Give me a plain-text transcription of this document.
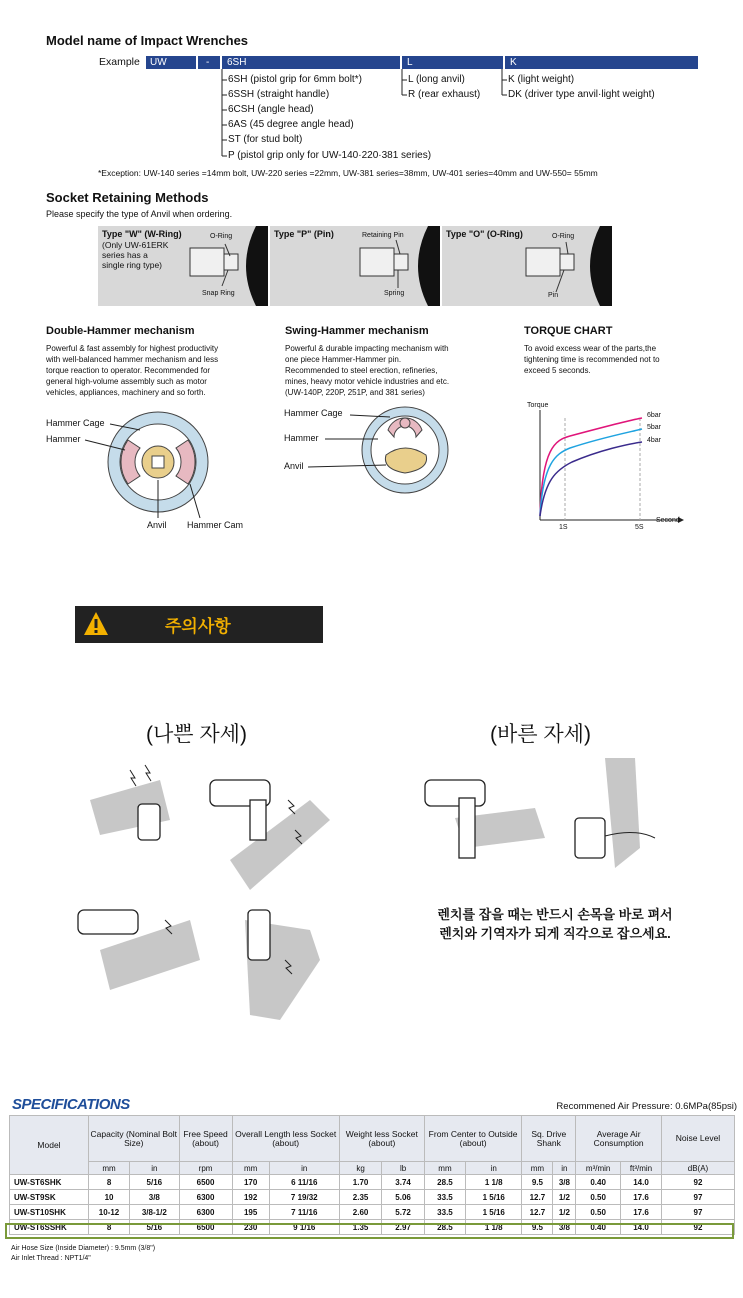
Model name of Impact Wrenches
Example	UW	-	6SH	L	K
6SH (pistol grip for 6mm bolt*)
6SSH (straight handle)
6CSH (angle head)
6AS (45 degree angle head)
ST (for stud bolt)
P (pistol grip only for UW-140·220·381 series)
L (long anvil)
R (rear exhaust)
K (light weight)
DK (driver type anvil·light weight)
*Exception: UW-140 series =14mm bolt, UW-220 series =22mm, UW-381 series=38mm, UW-401 series=40mm and UW-550= 55mm
Socket Retaining Methods
Please specify the type of Anvil when ordering.
Type "W" (W-Ring)
(Only UW-61ERK
series has a
single ring type)
O-Ring
Snap Ring
Type "P" (Pin)	Retaining Pin
Spring
Type "O" (O-Ring)	O-Ring
Pin
Double-Hammer mechanism
Powerful & fast assembly for highest productivity
with well-balanced hammer mechanism and less
torque reaction to operator. Recommended for
general high-volume assembly such as motor
vehicles, appliances, machinery and so forth.
Hammer Cage
Hammer
Anvil Hammer Cam
Swing-Hammer mechanism
Powerful & durable impacting mechanism with
one piece Hammer-Hammer pin.
Recommended to steel erection, refineries,
mines, heavy motor vehicle industries and etc.
(UW-140P, 220P, 251P, and 381 series)
Hammer Cage
Hammer
Anvil
TORQUE CHART
To avoid excess wear of the parts,the
tightening time is recommended not to
exceed 5 seconds.
Torque
Second
1S	5S
6bar
5bar
4bar
주의사항
(나쁜 자세)	(바른 자세)
렌치를 잡을 때는 반드시 손목을 바로 펴서
렌치와 기역자가 되게 직각으로 잡으세요.
SPECIFICATIONS	Recommened Air Pressure: 0.6MPa(85psi)
Model	Capacity (Nominal Bolt Size)		Free Speed (about)	Overall Length less Socket (about)		Weight less Socket (about)		From Center to Outside (about)		Sq. Drive Shank		Average Air Consumption		Noise Level
	mm	in	rpm	mm	in	kg	lb	mm	in	mm	in	m³/min	ft³/min	dB(A)
UW-ST6SHK	8	5/16	6500	170	6 11/16	1.70	3.74	28.5	1 1/8	9.5	3/8	0.40	14.0	92
UW-ST9SK	10	3/8	6300	192	7 19/32	2.35	5.06	33.5	1 5/16	12.7	1/2	0.50	17.6	97
UW-ST10SHK	10-12	3/8-1/2	6300	195	7 11/16	2.60	5.72	33.5	1 5/16	12.7	1/2	0.50	17.6	97
UW-ST6SSHK	8	5/16	6500	230	9 1/16	1.35	2.97	28.5	1 1/8	9.5	3/8	0.40	14.0	92
Air Hose Size (Inside Diameter) : 9.5mm (3/8")
Air Inlet Thread : NPT1/4"
